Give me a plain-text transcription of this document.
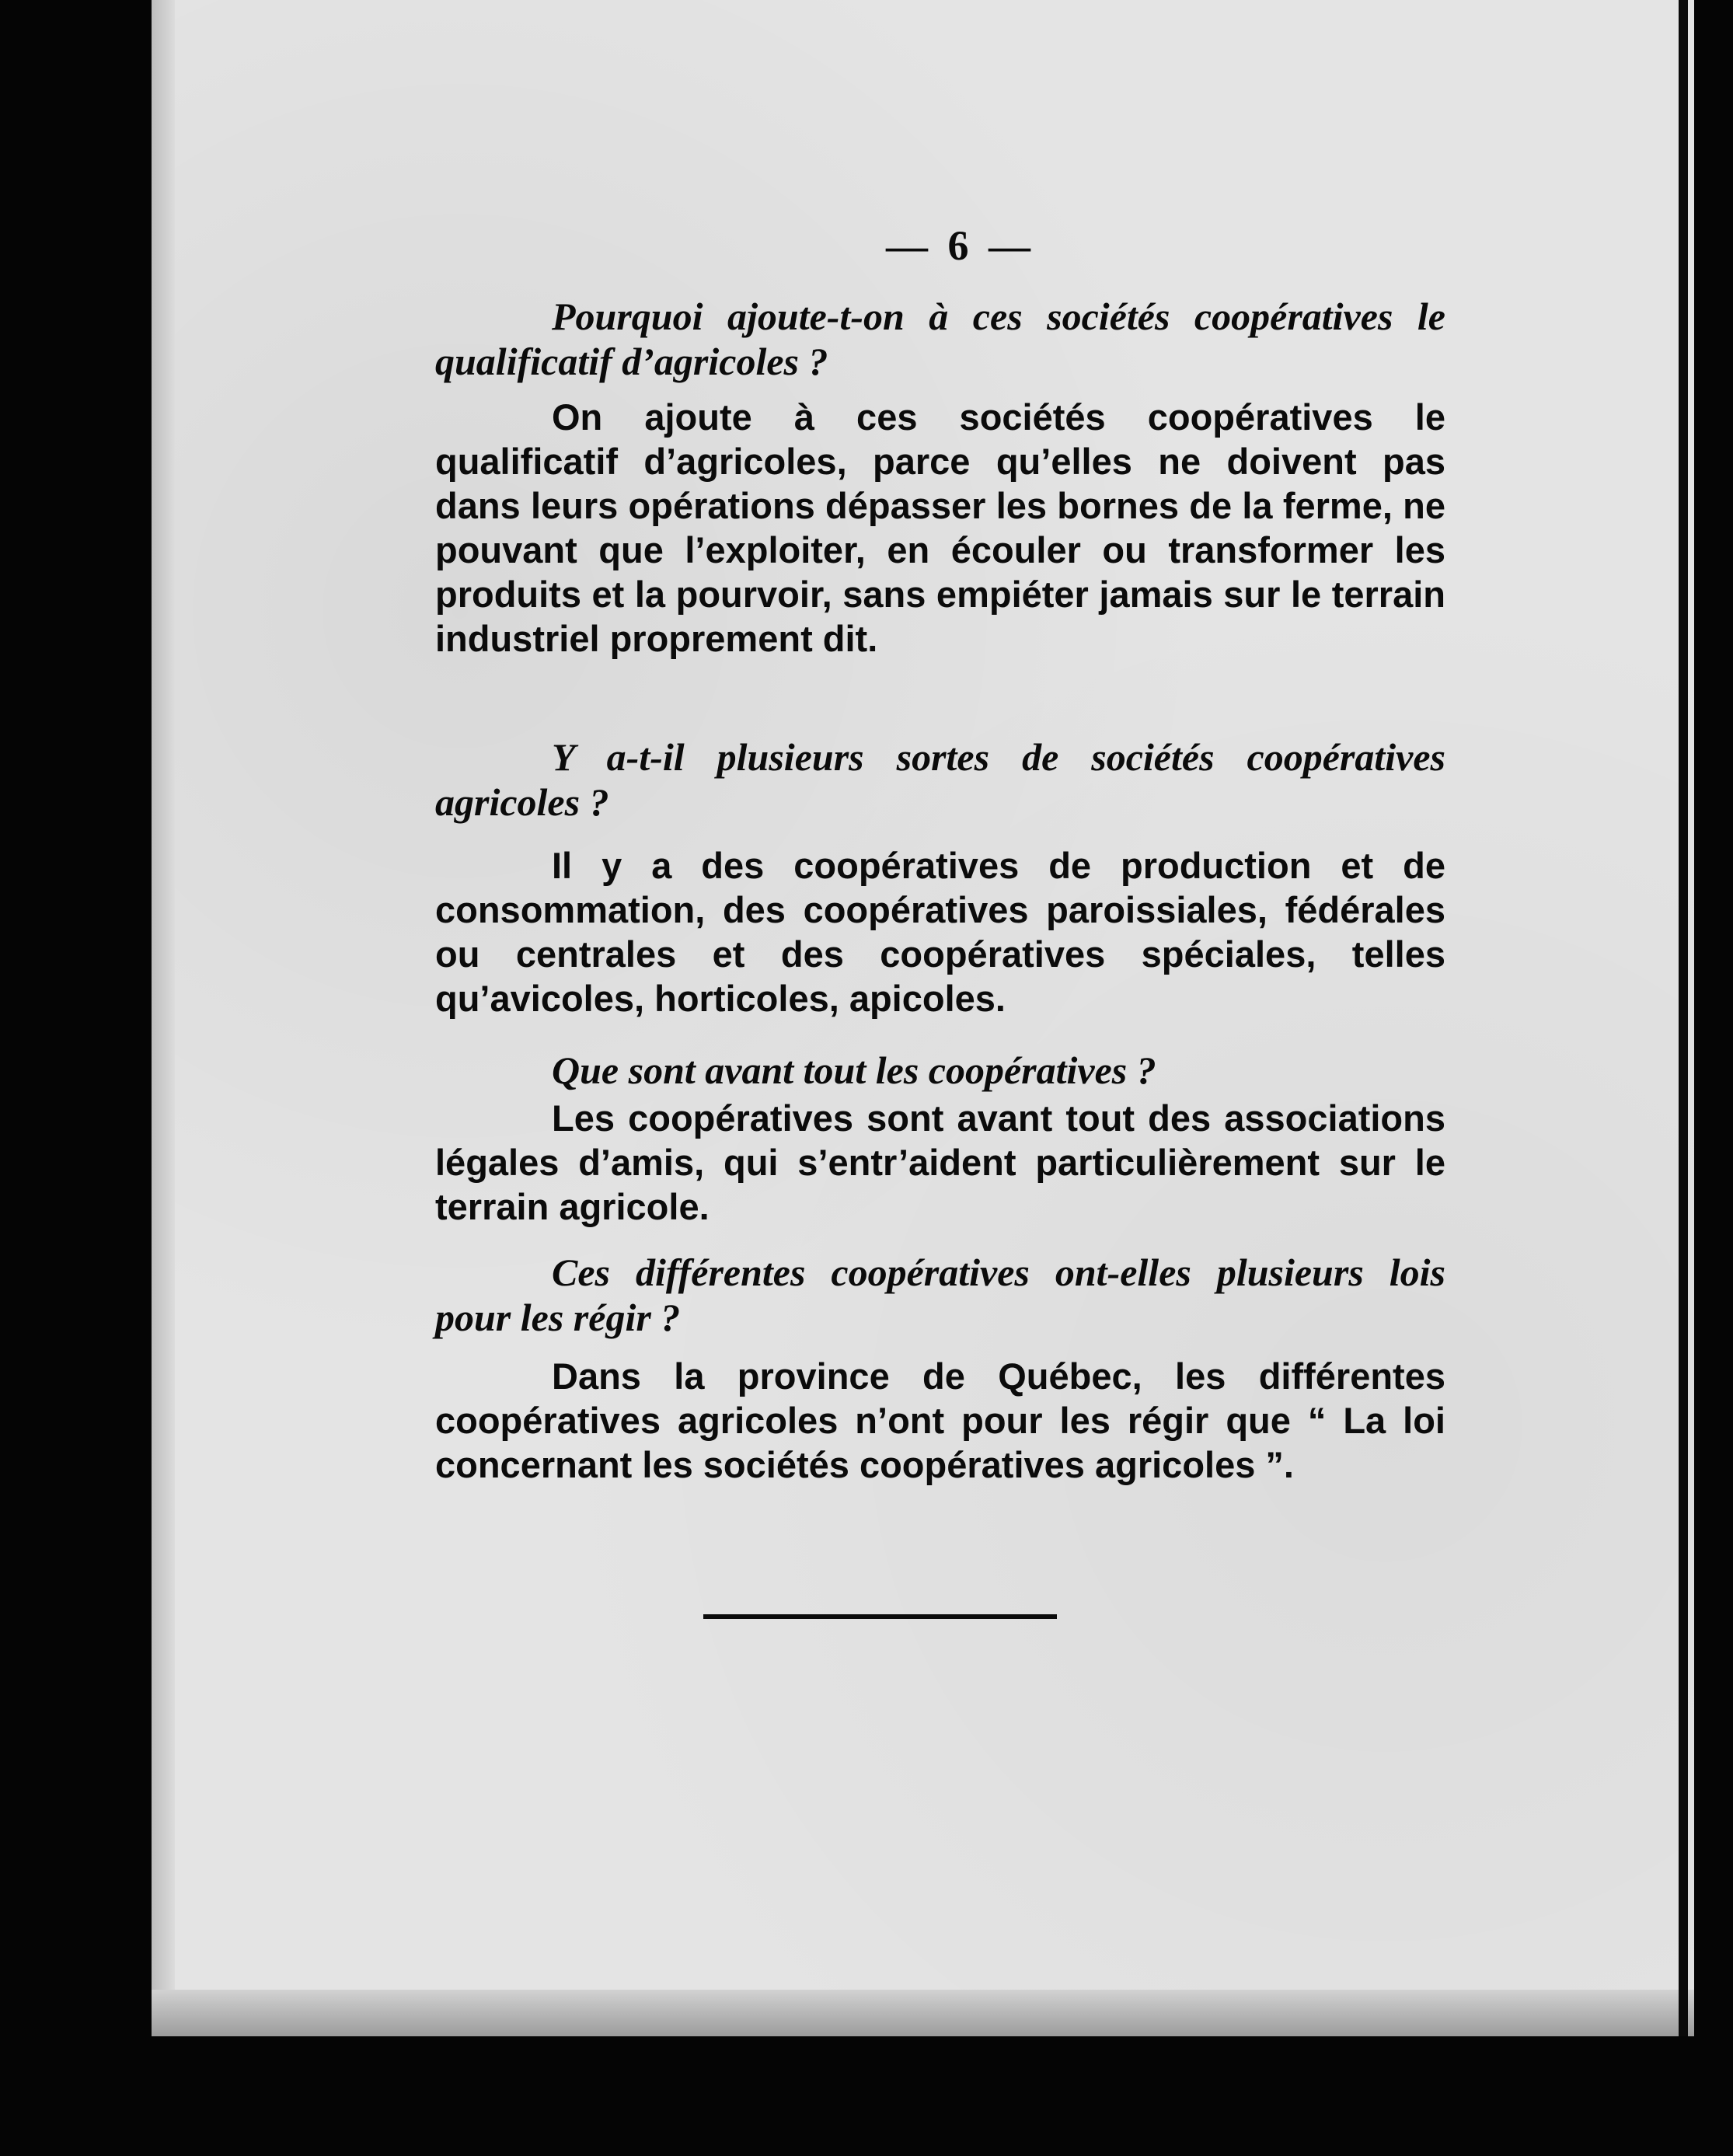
— 6 —

Pourquoi ajoute-t-on à ces sociétés coopératives le qualificatif d’agricoles ?

On ajoute à ces sociétés coopératives le qualificatif d’agricoles, parce qu’elles ne doivent pas dans leurs opérations dépasser les bornes de la ferme, ne pouvant que l’exploiter, en écouler ou transformer les produits et la pourvoir, sans empiéter jamais sur le terrain industriel proprement dit.

Y a-t-il plusieurs sortes de sociétés coopératives agricoles ?

Il y a des coopératives de production et de consommation, des coopératives paroissiales, fédérales ou centrales et des coopératives spéciales, telles qu’avicoles, horticoles, apicoles.

Que sont avant tout les coopératives ?

Les coopératives sont avant tout des associations légales d’amis, qui s’entr’aident particulièrement sur le terrain agricole.

Ces différentes coopératives ont-elles plusieurs lois pour les régir ?

Dans la province de Québec, les différentes coopératives agricoles n’ont pour les régir que “ La loi concernant les sociétés coopératives agricoles ”.
